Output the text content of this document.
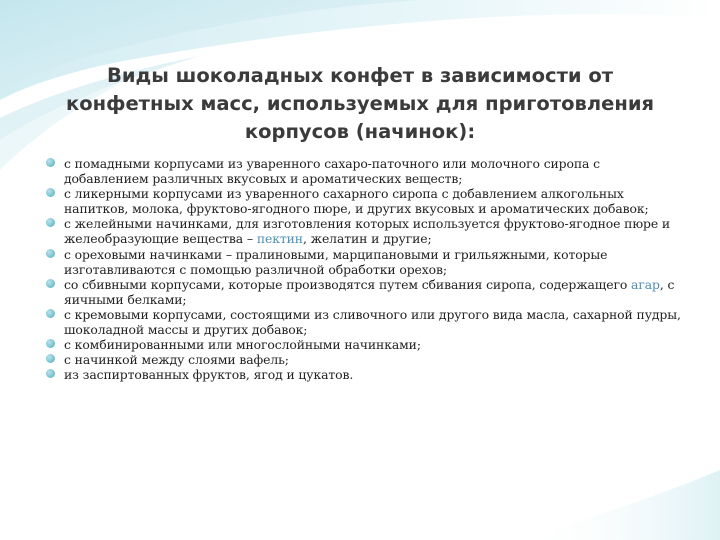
Виды шоколадных конфет в зависимости от конфетных масс, используемых для приготовления корпусов (начинок):
с помадными корпусами из уваренного сахаро-паточного или молочного сиропа с добавлением различных вкусовых и ароматических веществ;
с ликерными корпусами из уваренного сахарного сиропа с добавлением алкогольных напитков, молока, фруктово-ягодного пюре, и других вкусовых и ароматических добавок;
с желейными начинками, для изготовления которых используется фруктово-ягодное пюре и желеобразующие вещества – пектин, желатин и другие;
с ореховыми начинками – пралиновыми, марципановыми и грильяжными, которые изготавливаются с помощью различной обработки орехов;
со сбивными корпусами, которые производятся путем сбивания сиропа, содержащего агар, с яичными белками;
с кремовыми корпусами, состоящими из сливочного или другого вида масла, сахарной пудры, шоколадной массы и других добавок;
с комбинированными или многослойными начинками;
с начинкой между слоями вафель;
из заспиртованных фруктов, ягод и цукатов.
